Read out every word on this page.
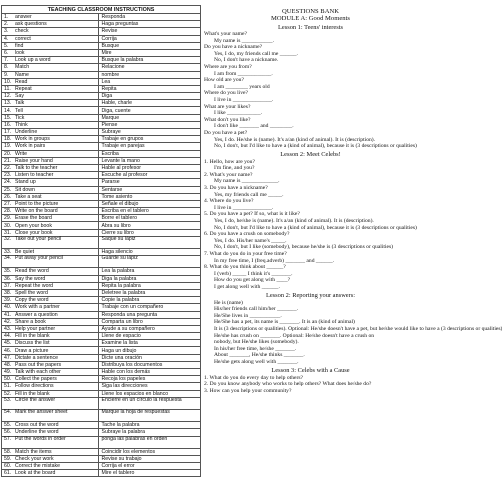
TEACHING CLASSROOM INSTRUCTIONS	
1. answer	Responda
2. ask questions	Haga preguntas
3. check	Revise
4. correct	Corrija
5. find	Busque
6. look	Mire
7. Look up a word	Busque la palabra
8. Match	Relacione
9. Name	nombre
10. Read	Lea
11. Repeat	Repita
12. Say	Diga
13. Talk	Hable, charle
14. Tell	Diga, cuente
15. Tick	Marque
16. Think	Piense
17. Underline	Subraye
18. Work in groups	Trabaje en grupos
19. Work in pairs	Trabaje en parejas
20. Write	Escriba
21. Raise your hand	Levante la mano
22. Talk to the teacher	Hable al profesor
23. Listen to teacher	Escuche al profesor
24. Stand up	Pararse
25. Sit down	Sentarse
26. Take a seat	Tome asiento
27. Point to the picture	Señale el dibujo
28. Write on the board	Escriba en el tablero
29. Erase the board	Borre el tablero
30. Open your book	Abra su libro
31. Close your book	Cierre su libro
32. Take out your pencil	Saque su lápiz
33. Be quiet	Haga silencio
34. Put away your pencil	Guarde su lápiz
35. Read the word	Lea la palabra
36. Say the word	Diga la palabra
37. Repeat the word	Repita la palabra
38. Spell the word	Deletree la palabra
39. Copy the word	Copie la palabra
40. Work with a partner	Trabaje con un compañero
41. Answer a question	Responda una pregunta
42. Share a book	Comparta un libro
43. Help your partner	Ayude a su compañero
44. Fill in the blank	Llene de espacio
45. Discuss the list	Examine la lista
46. Draw a picture	Haga un dibujo
47. Dictate a sentence	Dicte una oración
48. Pass out the papers	Distribuya los documentos
49. Talk with each other	Hable con los demás
50. Collect the papers	Recoja los papeles
51. Follow directions	Siga las direcciones
52. Fill in the blank	Llene los espacios en blanco
53. Circle the answer	Encierre en un círculo la respuesta
54. Mark the answer sheet	Marque la hoja de respuestas
55. Cross out the word	Tache la palabra
56. Underline the word	Subraye la palabra
57. Put the words in order	ponga las palabras en orden
58. Match the items	Coincidir los elementos
59. Check your work	Revise su trabajo
60. Correct the mistake	Corrija el error
61. Look at the board	Mire el tablero
QUESTIONS BANK
MODULE A: Good Moments
Lesson 1: Teens' interests
What's your name?
My name is ___________.
Do you have a nickname?
Yes, I do, my friends call me ______.
No, I don't have a nickname.
Where are you from?
I am from ____________.
How old are you?
I am ________ years old
Where do you live?
I live in ______________.
What are your likes?
I like ____________.
What don't you like?
I don't like _______ and ________.
Do you have a pet?
Yes, I do. He/she is (name). It's a/an (kind of animal). It is (description).
No, I don't, but I'd like to have a (kind of animal), because it is (3 descriptions or qualities)
Lesson 2: Meet Celebs!
1. Hello, how are you?
I'm fine, and you?
2. What's your name?
My name is _____________.
3. Do you have a nickname?
Yes, my friends call me _____.
4. Where do you live?
I live in ______________.
5. Do you have a pet? If so, what is it like?
Yes, I do, he/she is (name). It's a/an (kind of animal). It is (description).
No, I don't, but I'd like to have a (kind of animal), because it is (3 descriptions or qualities)
6. Do you have a crush on somebody?
Yes, I do. His/her name's _____.
No, I don't, but I like (somebody), because he/she is (3 descriptions or qualities)
7. What do you do in your free time?
In my free time, I (freq.adverb) _______ and ______.
8. What do you think about ______?
I (verb) _____ I think it's _______.
How do you get along with ____?
I get along well with ______.
Lesson 2: Reporting your answers:
He is (name)
His/her friends call him/her _______.
He/She lives in ___________.
He/She has a pet, its name is _______. It is an (kind of animal)
It is (3 descriptions or qualities). Optional: He/she doesn't have a pet, but he/she would like to have a (3 descriptions or qualities)
He/she has crush on _______. Optional: He/she doesn't have a crush on
nobody, but He/she likes (somebody).
In his/her free time, he/she _______.
About _______, He/she thinks _______.
He/she gets along well with _______.
Lesson 3: Celebs with a Cause
1. What do you do every day to help others?
2. Do you know anybody who works to help others? What does he/she do?
3. How can you help your community?
